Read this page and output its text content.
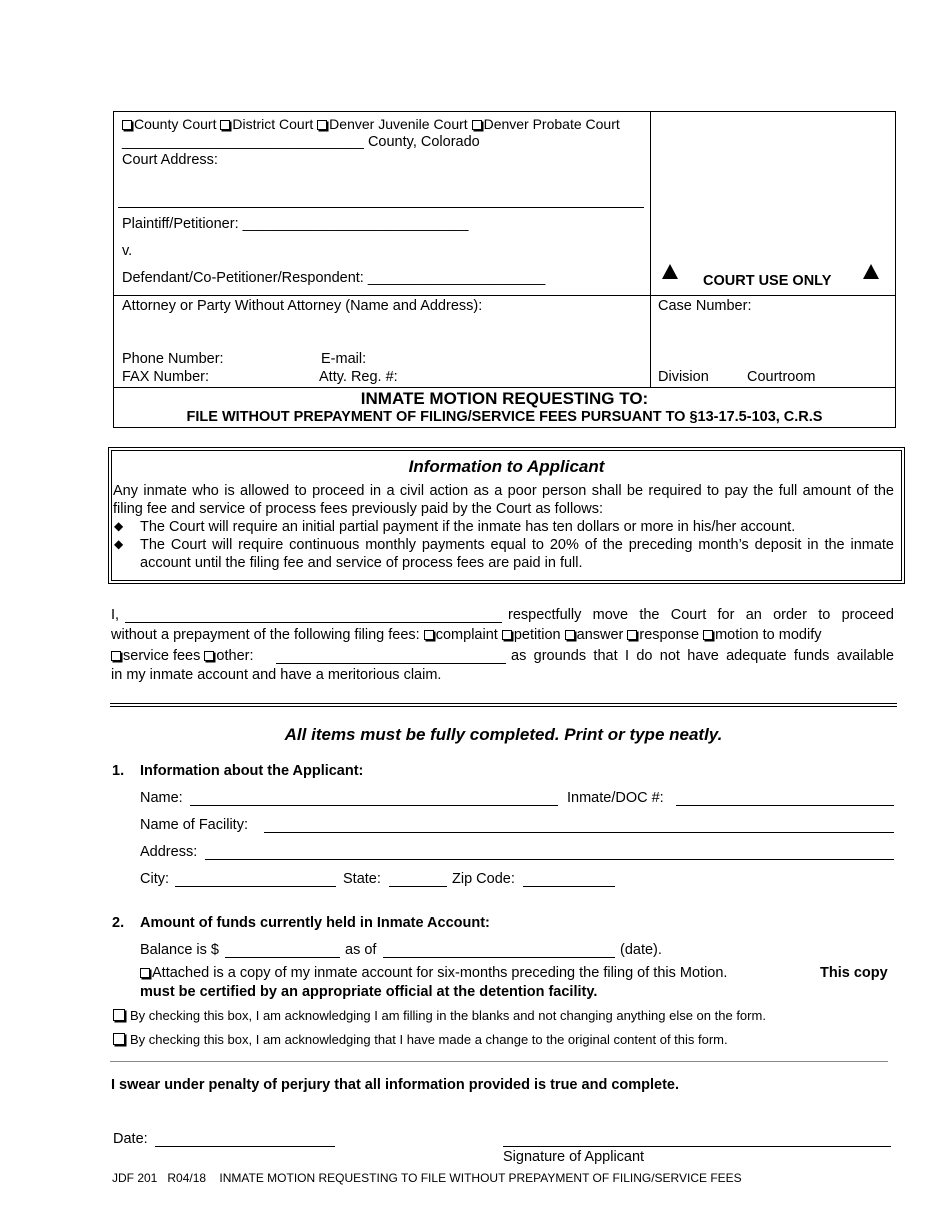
County Court District Court Denver Juvenile Court Denver Probate Court
______________________________ County, Colorado
Court Address:
Plaintiff/Petitioner: ____________________________
v.
Defendant/Co-Petitioner/Respondent: ______________________	COURT USE ONLY
Attorney or Party Without Attorney (Name and Address):
Phone Number:	E-mail:
FAX Number:	Atty. Reg. #:
Case Number:
Division	Courtroom
INMATE MOTION REQUESTING TO:
FILE WITHOUT PREPAYMENT OF FILING/SERVICE FEES PURSUANT TO §13-17.5-103, C.R.S
Information to Applicant
Any inmate who is allowed to proceed in a civil action as a poor person shall be required to pay the full amount of the filing fee and service of process fees previously paid by the Court as follows:
◆ The Court will require an initial partial payment if the inmate has ten dollars or more in his/her account.
◆ The Court will require continuous monthly payments equal to 20% of the preceding month’s deposit in the inmate account until the filing fee and service of process fees are paid in full.
I,	respectfully move the Court for an order to proceed
without a prepayment of the following filing fees: complaint petition answer response motion to modify
service fees other:	as grounds that I do not have adequate funds available
in my inmate account and have a meritorious claim.
All items must be fully completed. Print or type neatly.
1. Information about the Applicant:
Name:	Inmate/DOC #:
Name of Facility:
Address:
City:	State:	Zip Code:
2. Amount of funds currently held in Inmate Account:
Balance is $	as of	(date).
Attached is a copy of my inmate account for six-months preceding the filing of this Motion.	This copy
must be certified by an appropriate official at the detention facility.
By checking this box, I am acknowledging I am filling in the blanks and not changing anything else on the form.
By checking this box, I am acknowledging that I have made a change to the original content of this form.
I swear under penalty of perjury that all information provided is true and complete.
Date:
Signature of Applicant
JDF 201   R04/18    INMATE MOTION REQUESTING TO FILE WITHOUT PREPAYMENT OF FILING/SERVICE FEES
